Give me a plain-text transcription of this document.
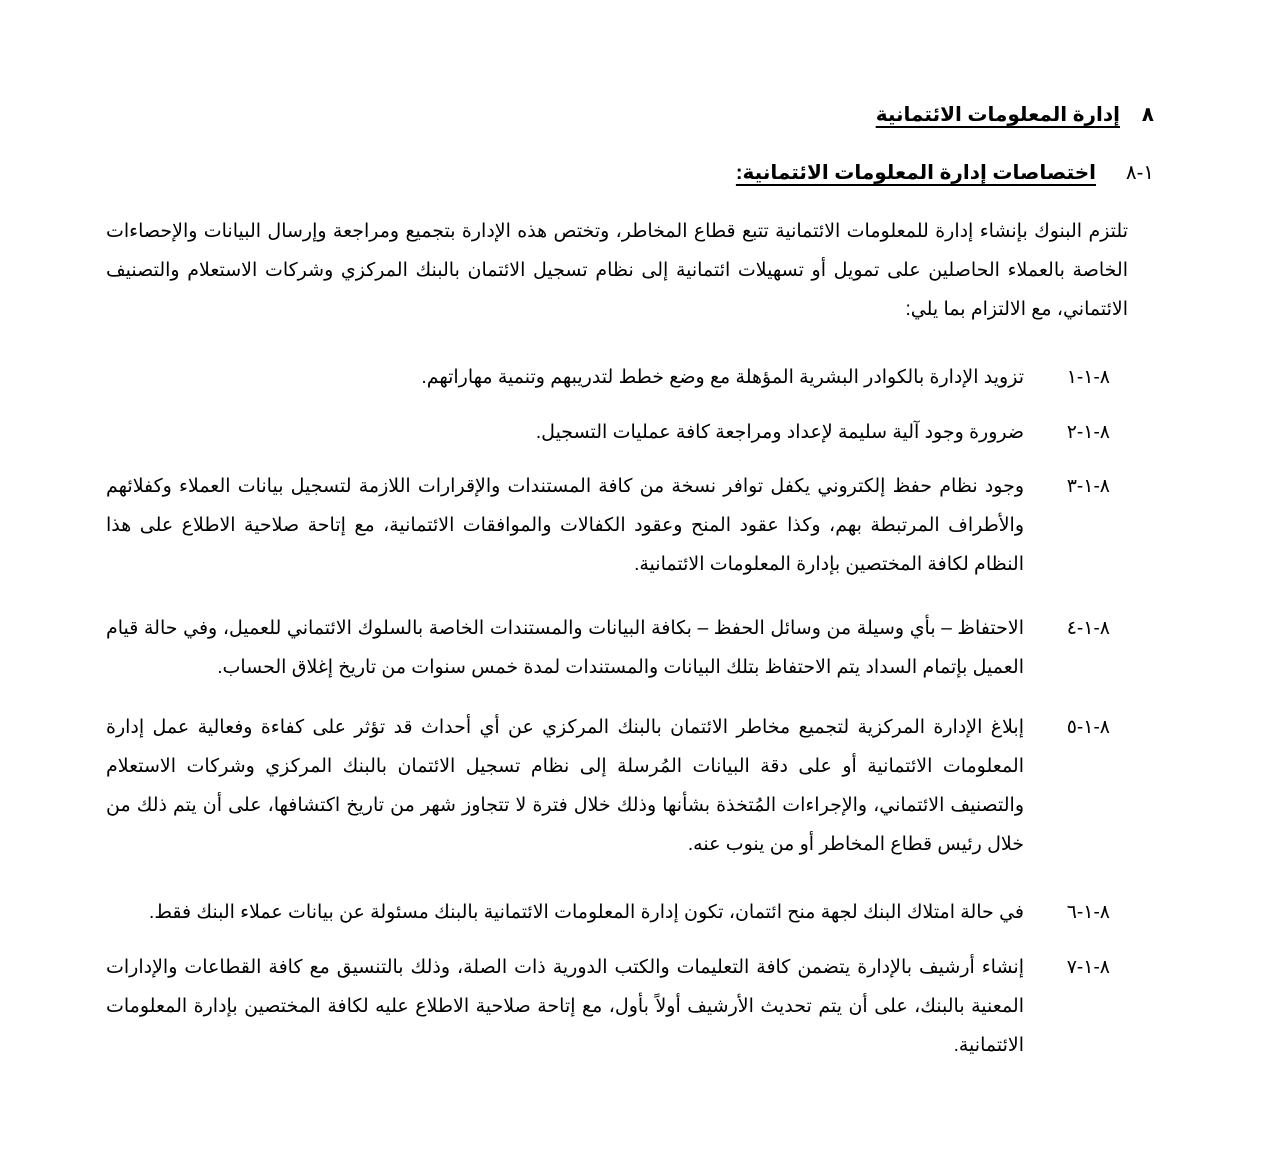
٨
إدارة المعلومات الائتمانية
١-٨
اختصاصات إدارة المعلومات الائتمانية:

تلتزم البنوك بإنشاء إدارة للمعلومات الائتمانية تتبع قطاع المخاطر، وتختص هذه الإدارة بتجميع ومراجعة وإرسال البيانات والإحصاءات الخاصة بالعملاء الحاصلين على تمويل أو تسهيلات ائتمانية إلى نظام تسجيل الائتمان بالبنك المركزي وشركات الاستعلام والتصنيف الائتماني، مع الالتزام بما يلي:

٨-١-١

تزويد الإدارة بالكوادر البشرية المؤهلة مع وضع خطط لتدريبهم وتنمية مهاراتهم.

٨-١-٢

ضرورة وجود آلية سليمة لإعداد ومراجعة كافة عمليات التسجيل.

٨-١-٣

وجود نظام حفظ إلكتروني يكفل توافر نسخة من كافة المستندات والإقرارات اللازمة لتسجيل بيانات العملاء وكفلائهم والأطراف المرتبطة بهم، وكذا عقود المنح وعقود الكفالات والموافقات الائتمانية، مع إتاحة صلاحية الاطلاع على هذا النظام لكافة المختصين بإدارة المعلومات الائتمانية.

٨-١-٤

الاحتفاظ – بأي وسيلة من وسائل الحفظ – بكافة البيانات والمستندات الخاصة بالسلوك الائتماني للعميل، وفي حالة قيام العميل بإتمام السداد يتم الاحتفاظ بتلك البيانات والمستندات لمدة خمس سنوات من تاريخ إغلاق الحساب.

٨-١-٥

إبلاغ الإدارة المركزية لتجميع مخاطر الائتمان بالبنك المركزي عن أي أحداث قد تؤثر على كفاءة وفعالية عمل إدارة المعلومات الائتمانية أو على دقة البيانات المُرسلة إلى نظام تسجيل الائتمان بالبنك المركزي وشركات الاستعلام والتصنيف الائتماني، والإجراءات المُتخذة بشأنها وذلك خلال فترة لا تتجاوز شهر من تاريخ اكتشافها، على أن يتم ذلك من خلال رئيس قطاع المخاطر أو من ينوب عنه.

٨-١-٦

في حالة امتلاك البنك لجهة منح ائتمان، تكون إدارة المعلومات الائتمانية بالبنك مسئولة عن بيانات عملاء البنك فقط.

٨-١-٧

إنشاء أرشيف بالإدارة يتضمن كافة التعليمات والكتب الدورية ذات الصلة، وذلك بالتنسيق مع كافة القطاعات والإدارات المعنية بالبنك، على أن يتم تحديث الأرشيف أولاً بأول، مع إتاحة صلاحية الاطلاع عليه لكافة المختصين بإدارة المعلومات الائتمانية.
